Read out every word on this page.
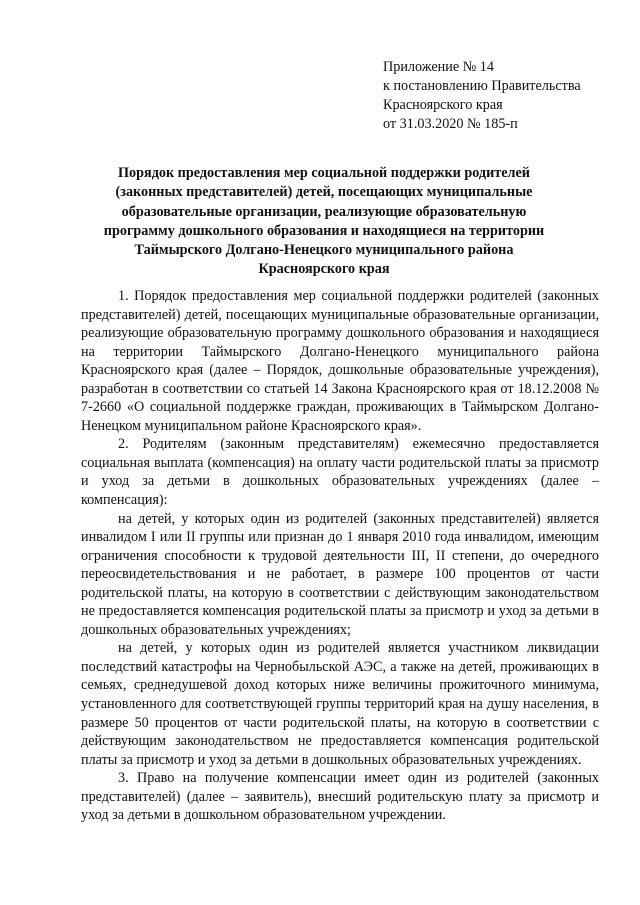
Приложение № 14
к постановлению Правительства
Красноярского края
от 31.03.2020 № 185-п
Порядок предоставления мер социальной поддержки родителей
(законных представителей) детей, посещающих муниципальные
образовательные организации, реализующие образовательную
программу дошкольного образования и находящиеся на территории
Таймырского Долгано-Ненецкого муниципального района
Красноярского края

1. Порядок предоставления мер социальной поддержки родителей (законных представителей) детей, посещающих муниципальные образовательные организации, реализующие образовательную программу дошкольного образования и находящиеся на территории Таймырского Долгано-Ненецкого муниципального района Красноярского края (далее – Порядок, дошкольные образовательные учреждения), разработан в соответствии со статьей 14 Закона Красноярского края от 18.12.2008 № 7-2660 «О социальной поддержке граждан, проживающих в Таймырском Долгано-Ненецком муниципальном районе Красноярского края».

2. Родителям (законным представителям) ежемесячно предоставляется социальная выплата (компенсация) на оплату части родительской платы за присмотр и уход за детьми в дошкольных образовательных учреждениях (далее – компенсация):

на детей, у которых один из родителей (законных представителей) является инвалидом I или II группы или признан до 1 января 2010 года инвалидом, имеющим ограничения способности к трудовой деятельности III, II степени, до очередного переосвидетельствования и не работает, в размере 100 процентов от части родительской платы, на которую в соответствии с действующим законодательством не предоставляется компенсация родительской платы за присмотр и уход за детьми в дошкольных образовательных учреждениях;

на детей, у которых один из родителей является участником ликвидации последствий катастрофы на Чернобыльской АЭС, а также на детей, проживающих в семьях, среднедушевой доход которых ниже величины прожиточного минимума, установленного для соответствующей группы территорий края на душу населения, в размере 50 процентов от части родительской платы, на которую в соответствии с действующим законодательством не предоставляется компенсация родительской платы за присмотр и уход за детьми в дошкольных образовательных учреждениях.

3. Право на получение компенсации имеет один из родителей (законных представителей) (далее – заявитель), внесший родительскую плату за присмотр и уход за детьми в дошкольном образовательном учреждении.
